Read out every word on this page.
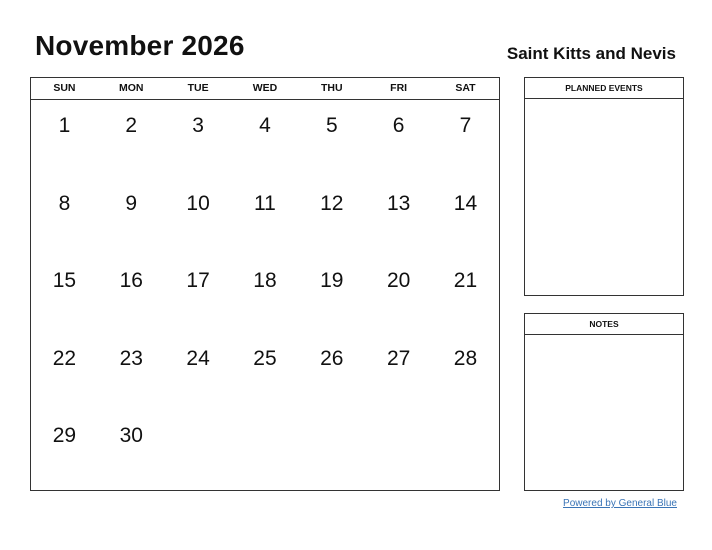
November 2026	Saint Kitts and Nevis
SUN	MON	TUE	WED	THU	FRI	SAT
1	2	3	4	5	6	7
8	9	10	11	12	13	14
15	16	17	18	19	20	21
22	23	24	25	26	27	28
29	30
PLANNED EVENTS
NOTES
Powered by General Blue
